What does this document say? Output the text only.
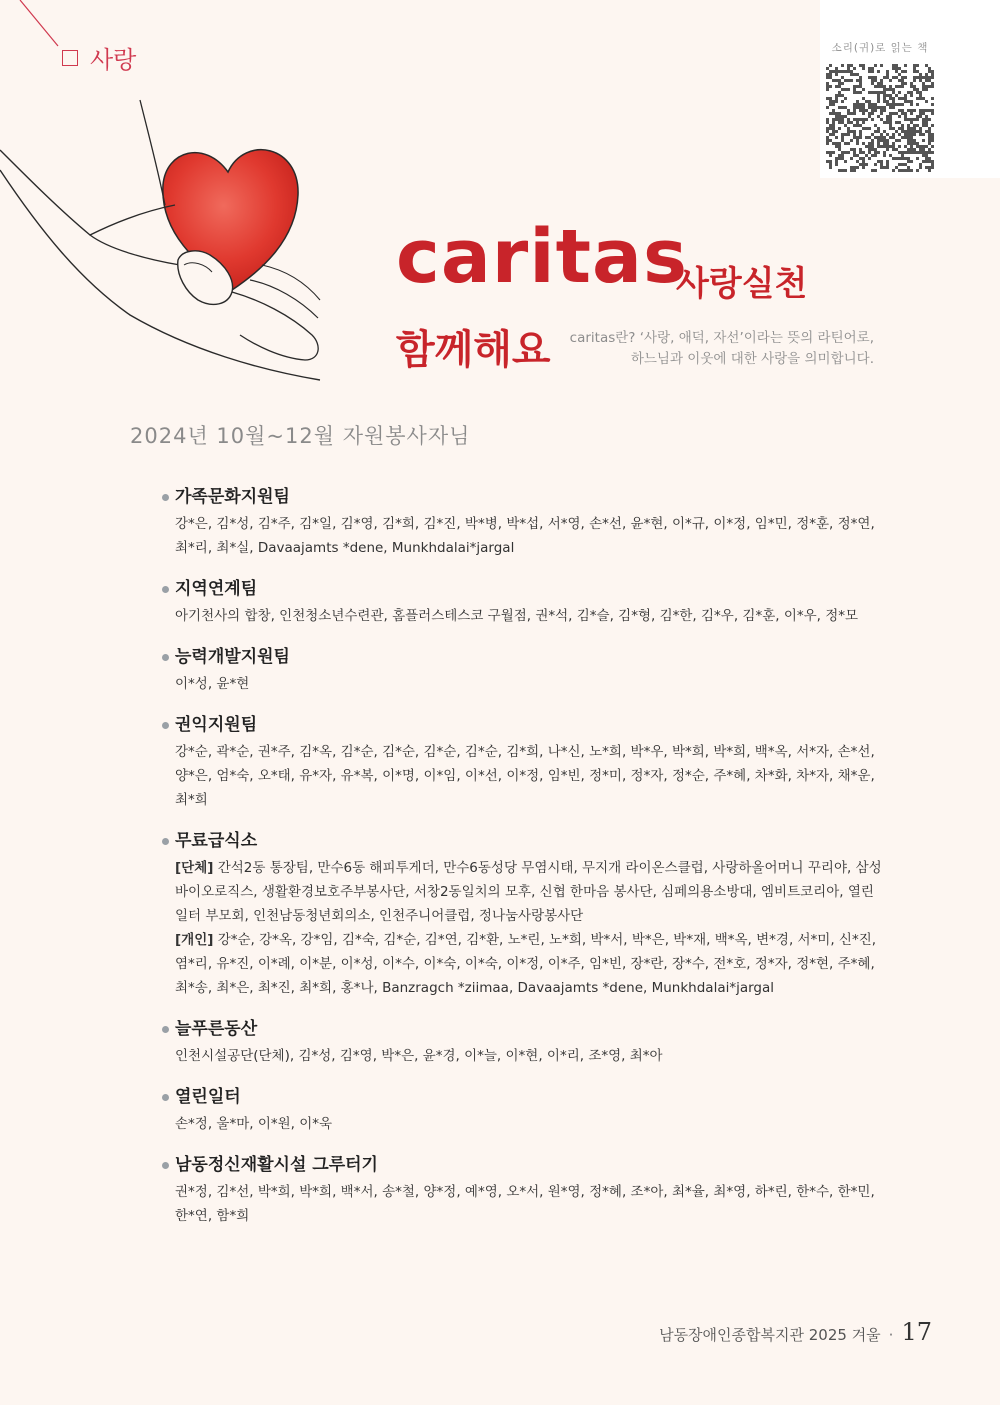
사랑	소리(귀)로 읽는 책
caritas
사랑실천
함께해요 caritas란? ‘사랑, 애덕, 자선’이라는 뜻의 라틴어로,
하느님과 이웃에 대한 사랑을 의미합니다.
2024년 10월~12월 자원봉사자님
가족문화지원팀

강*은, 김*성, 김*주, 김*일, 김*영, 김*희, 김*진, 박*병, 박*섭, 서*영, 손*선, 윤*현, 이*규, 이*정, 임*민, 정*훈, 정*연, 최*리, 최*실, Davaajamts *dene, Munkhdalai*jargal

지역연계팀

아기천사의 합창, 인천청소년수련관, 홈플러스테스코 구월점, 권*석, 김*슬, 김*형, 김*한, 김*우, 김*훈, 이*우, 정*모

능력개발지원팀

이*성, 윤*현

권익지원팀

강*순, 곽*순, 권*주, 김*옥, 김*순, 김*순, 김*순, 김*순, 김*희, 나*신, 노*희, 박*우, 박*희, 박*희, 백*옥, 서*자, 손*선, 양*은, 엄*숙, 오*태, 유*자, 유*복, 이*명, 이*임, 이*선, 이*정, 임*빈, 정*미, 정*자, 정*순, 주*혜, 차*화, 차*자, 채*운, 최*희

무료급식소

[단체] 간석2동 통장팀, 만수6동 해피투게더, 만수6동성당 무염시태, 무지개 라이온스클럽, 사랑하올어머니 꾸리야, 삼성바이오로직스, 생활환경보호주부봉사단, 서창2동일치의 모후, 신협 한마음 봉사단, 심페의용소방대, 엠비트코리아, 열린일터 부모회, 인천남동청년회의소, 인천주니어클럽, 정나눔사랑봉사단

[개인] 강*순, 강*옥, 강*임, 김*숙, 김*순, 김*연, 김*환, 노*린, 노*희, 박*서, 박*은, 박*재, 백*옥, 변*경, 서*미, 신*진, 염*리, 유*진, 이*례, 이*분, 이*성, 이*수, 이*숙, 이*숙, 이*정, 이*주, 임*빈, 장*란, 장*수, 전*호, 정*자, 정*현, 주*혜, 최*송, 최*은, 최*진, 최*희, 홍*나, Banzragch *ziimaa, Davaajamts *dene, Munkhdalai*jargal

늘푸른동산

인천시설공단(단체), 김*성, 김*영, 박*은, 윤*경, 이*늘, 이*현, 이*리, 조*영, 최*아

열린일터

손*정, 울*마, 이*원, 이*욱

남동정신재활시설 그루터기

권*정, 김*선, 박*희, 박*희, 백*서, 송*철, 양*정, 예*영, 오*서, 원*영, 정*혜, 조*아, 최*율, 최*영, 하*린, 한*수, 한*민, 한*연, 함*희

남동장애인종합복지관 2025 겨울 · 17
